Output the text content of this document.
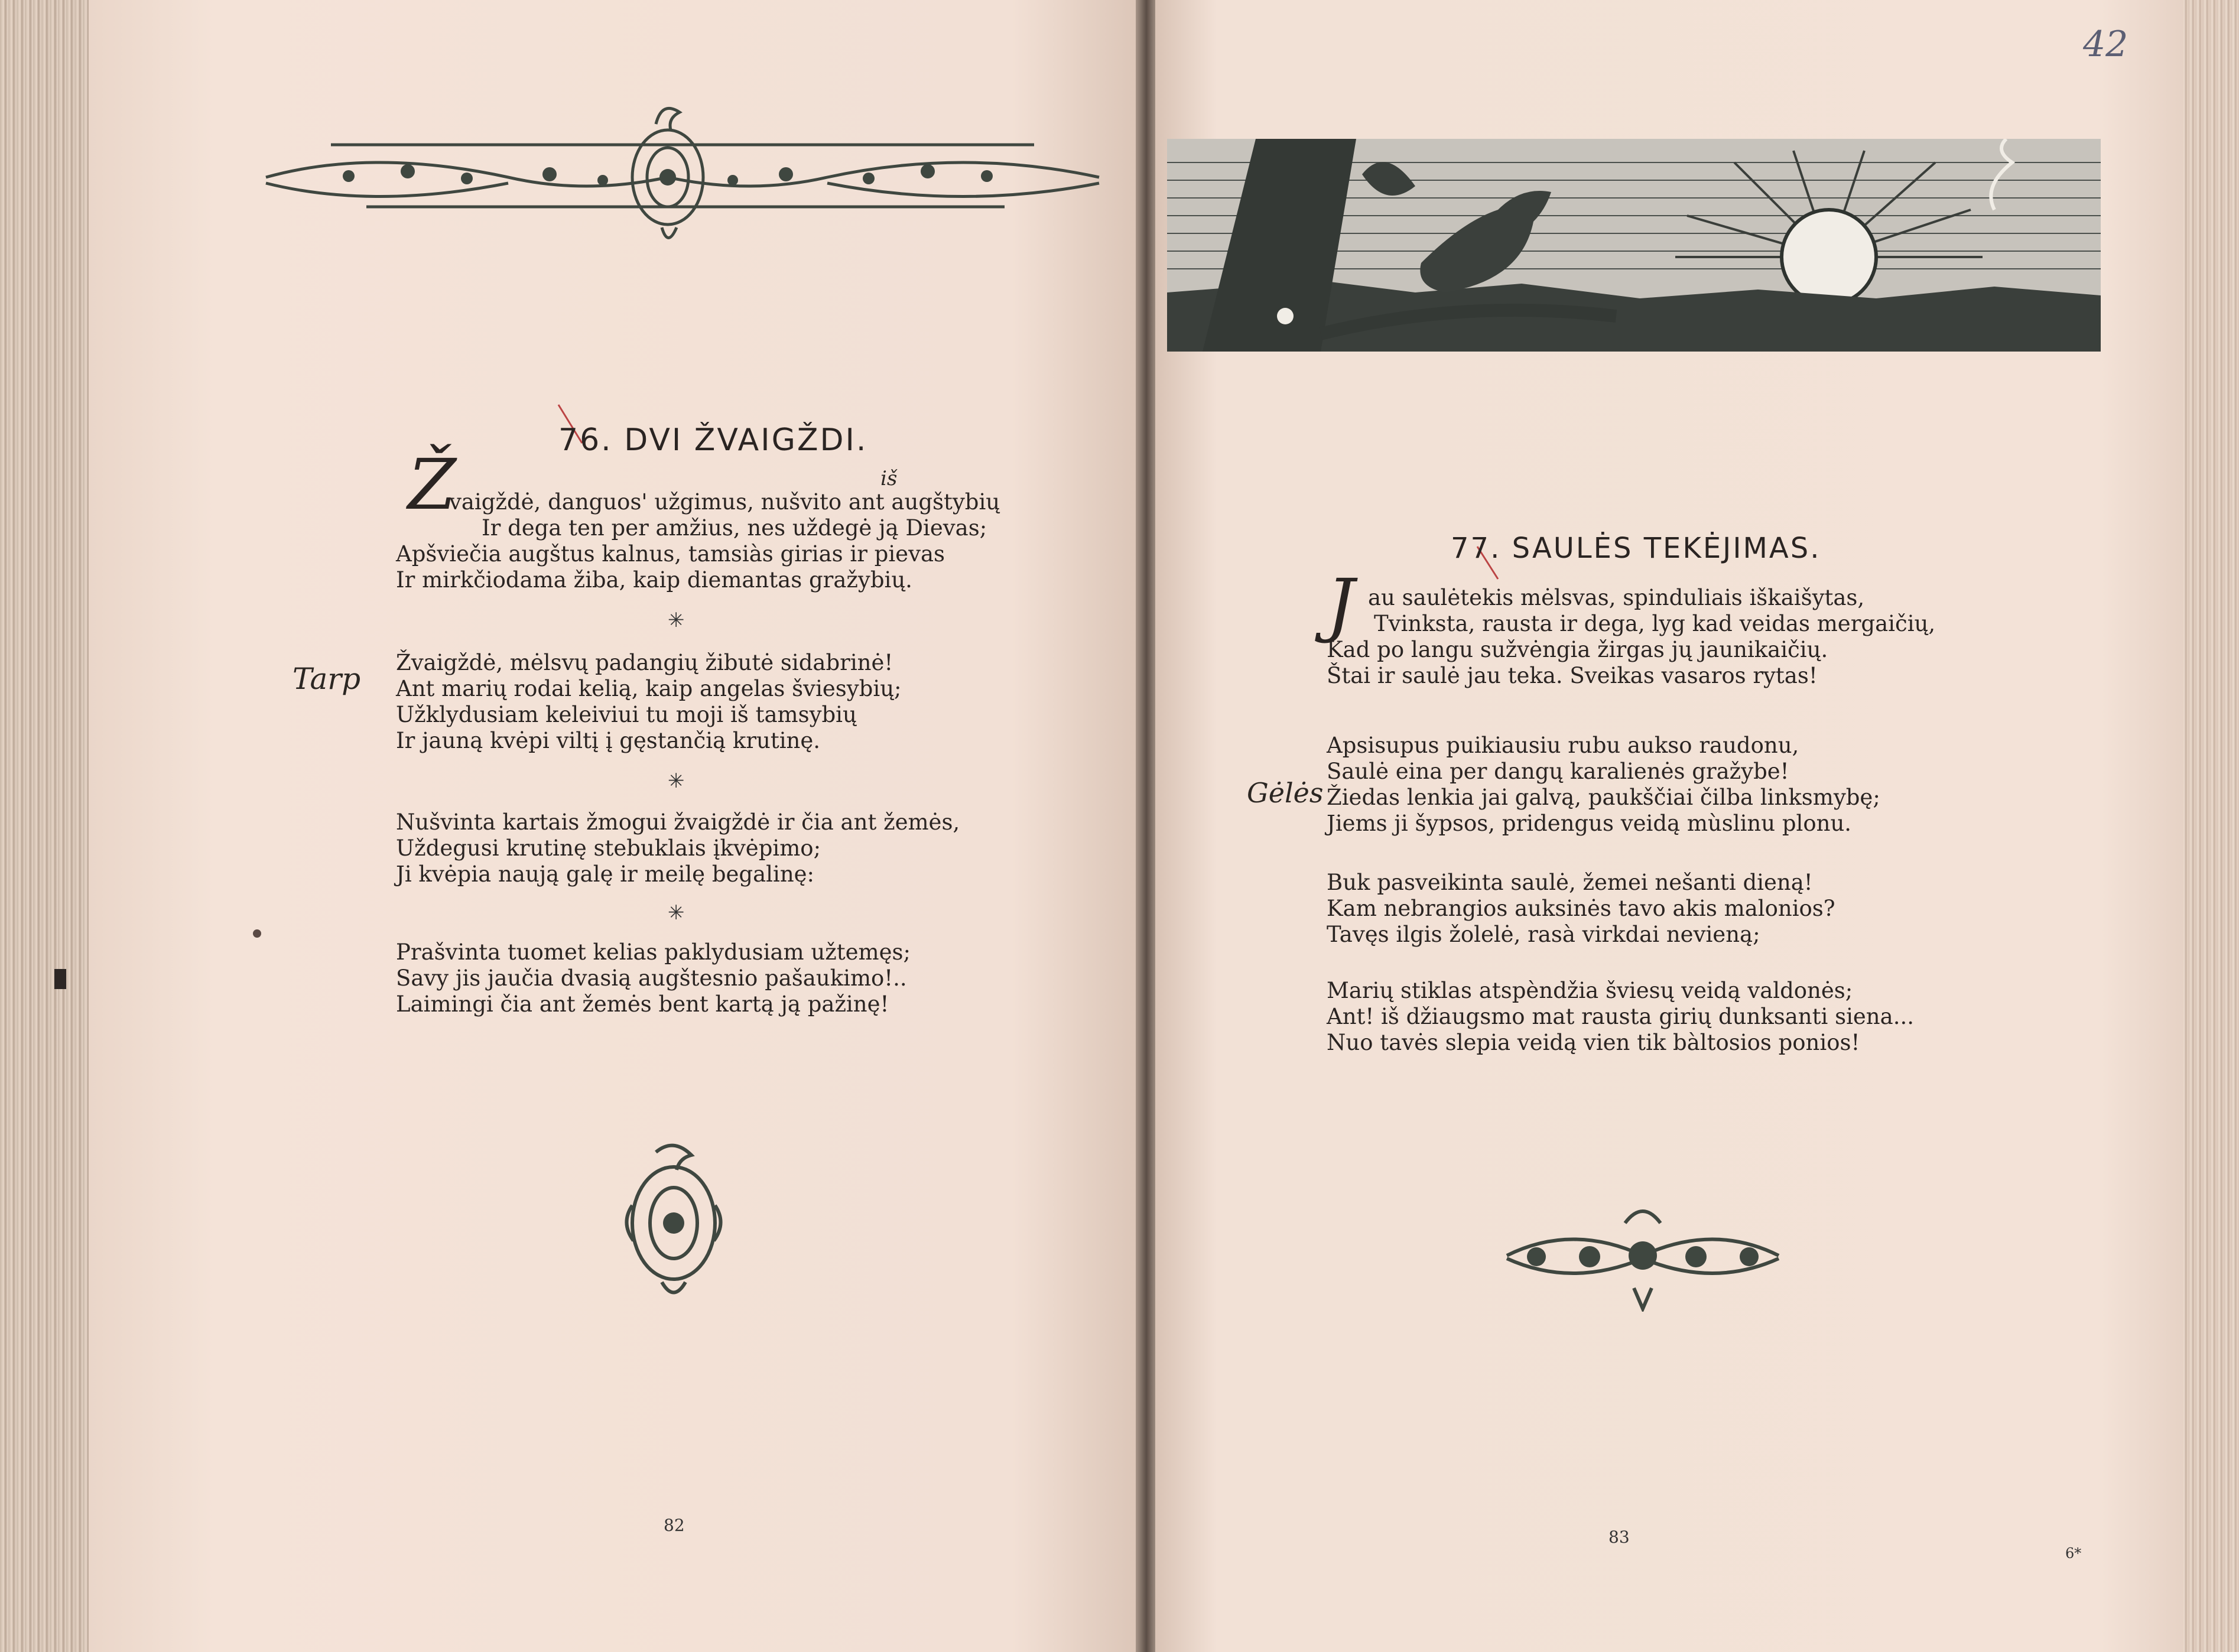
76. DVI ŽVAIGŽDI.
Ž	iš

vaigždė, danguos' užgimus, nušvito ant augštybių

Ir dega ten per amžius, nes uždegė ją Dievas;

Apšviečia augštus kalnus, tamsiàs girias ir pievas

Ir mirkčiodama žiba, kaip diemantas gražybių.

✳
Tarp Žvaigždė, mėlsvų padangių žibutė sidabrinė!

Ant marių rodai kelią, kaip angelas šviesybių;

Užklydusiam keleiviui tu moji iš tamsybių

Ir jauną kvėpi viltį į gęstančią krutinę.

✳

Nušvinta kartais žmogui žvaigždė ir čia ant žemės,

Uždegusi krutinę stebuklais įkvėpimo;

Ji kvėpia naują galę ir meilę begalinę:

✳

Prašvinta tuomet kelias paklydusiam užtemęs;

Savy jis jaučia dvasią augštesnio pašaukimo!..

Laimingi čia ant žemės bent kartą ją pažinę!

82
42
77. SAULĖS TEKĖJIMAS.
J au saulėtekis mėlsvas, spinduliais iškaišytas,

Tvinksta, rausta ir dega, lyg kad veidas mergaičių,

Kad po langu sužvėngia žirgas jų jaunikaičių.

Štai ir saulė jau teka. Sveikas vasaros rytas!

Gėlės

Apsisupus puikiausiu rubu aukso raudonu,

Saulė eina per dangų karalienės gražybe!

Žiedas lenkia jai galvą, paukščiai čilba linksmybę;

Jiems ji šypsos, pridengus veidą mùslinu plonu.

Buk pasveikinta saulė, žemei nešanti dieną!

Kam nebrangios auksinės tavo akis malonios?

Tavęs ilgis žolelė, rasà virkdai nevieną;

Marių stiklas atspèndžia šviesų veidą valdonės;

Ant! iš džiaugsmo mat rausta girių dunksanti siena...

Nuo tavės slepia veidą vien tik bàltosios ponios!

83
6*
